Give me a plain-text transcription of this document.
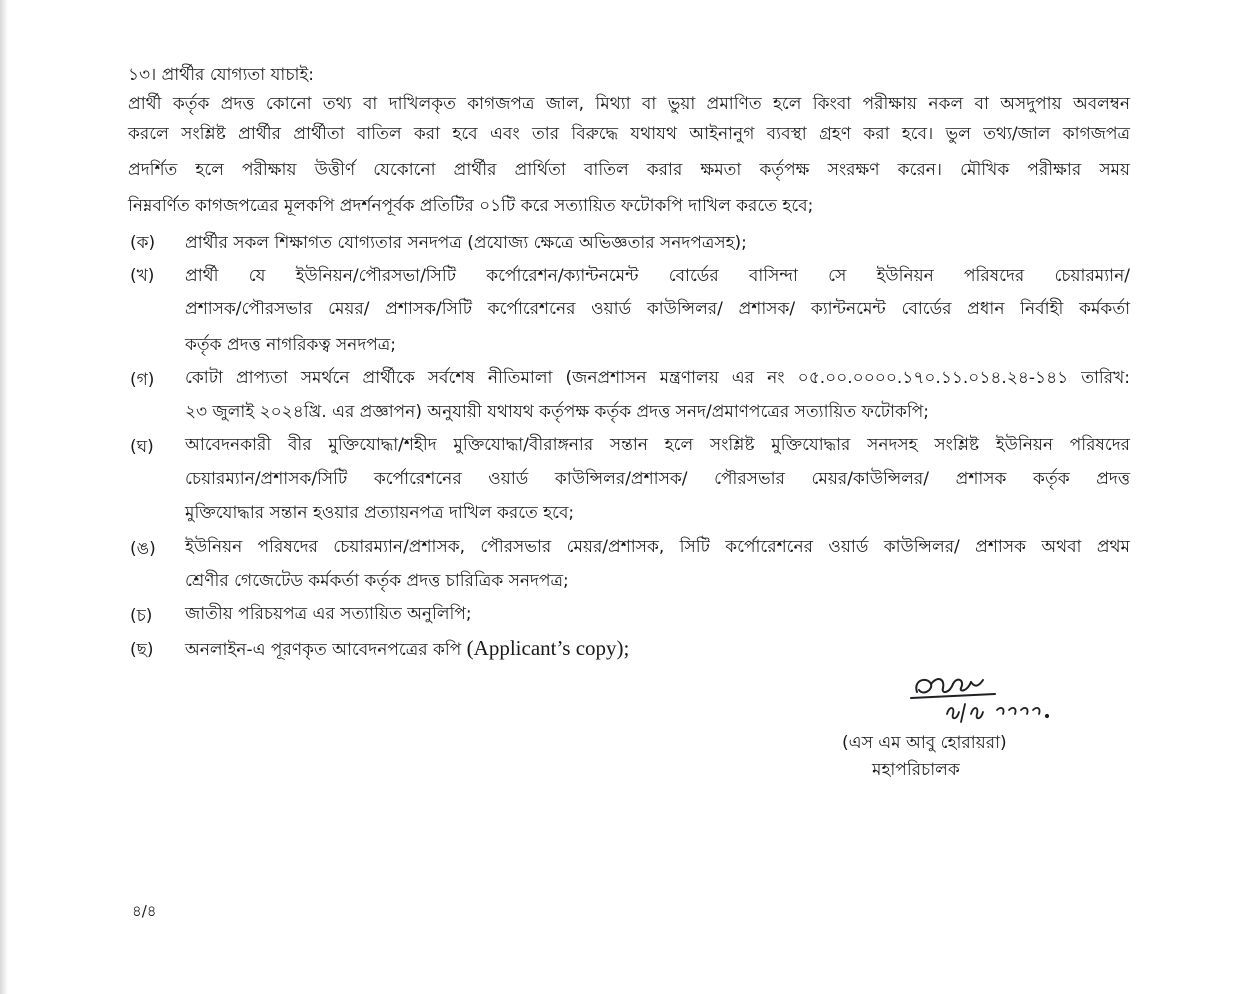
১৩। প্রার্থীর যোগ্যতা যাচাই:
প্রার্থী কর্তৃক প্রদত্ত কোনো তথ্য বা দাখিলকৃত কাগজপত্র জাল, মিথ্যা বা ভুয়া প্রমাণিত হলে কিংবা পরীক্ষায় নকল বা অসদুপায় অবলম্বন
করলে সংশ্লিষ্ট প্রার্থীর প্রার্থীতা বাতিল করা হবে এবং তার বিরুদ্ধে যথাযথ আইনানুগ ব্যবস্থা গ্রহণ করা হবে। ভুল তথ্য/জাল কাগজপত্র
প্রদর্শিত হলে পরীক্ষায় উত্তীর্ণ যেকোনো প্রার্থীর প্রার্থিতা বাতিল করার ক্ষমতা কর্তৃপক্ষ সংরক্ষণ করেন। মৌখিক পরীক্ষার সময়
নিম্নবর্ণিত কাগজপত্রের মূলকপি প্রদর্শনপূর্বক প্রতিটির ০১টি করে সত্যায়িত ফটোকপি দাখিল করতে হবে;
(ক) প্রার্থীর সকল শিক্ষাগত যোগ্যতার সনদপত্র (প্রযোজ্য ক্ষেত্রে অভিজ্ঞতার সনদপত্রসহ);
(খ) প্রার্থী যে ইউনিয়ন/পৌরসভা/সিটি কর্পোরেশন/ক্যান্টনমেন্ট বোর্ডের বাসিন্দা সে ইউনিয়ন পরিষদের চেয়ারম্যান/
প্রশাসক/পৌরসভার মেয়র/ প্রশাসক/সিটি কর্পোরেশনের ওয়ার্ড কাউন্সিলর/ প্রশাসক/ ক্যান্টনমেন্ট বোর্ডের প্রধান নির্বাহী কর্মকর্তা
কর্তৃক প্রদত্ত নাগরিকত্ব সনদপত্র;
(গ) কোটা প্রাপ্যতা সমর্থনে প্রার্থীকে সর্বশেষ নীতিমালা (জনপ্রশাসন মন্ত্রণালয় এর নং ০৫.০০.০০০০.১৭০.১১.০১৪.২৪-১৪১ তারিখ:
২৩ জুলাই ২০২৪খ্রি. এর প্রজ্ঞাপন) অনুযায়ী যথাযথ কর্তৃপক্ষ কর্তৃক প্রদত্ত সনদ/প্রমাণপত্রের সত্যায়িত ফটোকপি;
(ঘ) আবেদনকারী বীর মুক্তিযোদ্ধা/শহীদ মুক্তিযোদ্ধা/বীরাঙ্গনার সন্তান হলে সংশ্লিষ্ট মুক্তিযোদ্ধার সনদসহ সংশ্লিষ্ট ইউনিয়ন পরিষদের
চেয়ারম্যান/প্রশাসক/সিটি কর্পোরেশনের ওয়ার্ড কাউন্সিলর/প্রশাসক/ পৌরসভার মেয়র/কাউন্সিলর/ প্রশাসক কর্তৃক প্রদত্ত
মুক্তিযোদ্ধার সন্তান হওয়ার প্রত্যায়নপত্র দাখিল করতে হবে;
(ঙ) ইউনিয়ন পরিষদের চেয়ারম্যান/প্রশাসক, পৌরসভার মেয়র/প্রশাসক, সিটি কর্পোরেশনের ওয়ার্ড কাউন্সিলর/ প্রশাসক অথবা প্রথম
শ্রেণীর গেজেটেড কর্মকর্তা কর্তৃক প্রদত্ত চারিত্রিক সনদপত্র;
(চ) জাতীয় পরিচয়পত্র এর সত্যায়িত অনুলিপি;
(ছ) অনলাইন-এ পূরণকৃত আবেদনপত্রের কপি (Applicant’s copy);
(এস এম আবু হোরায়রা)
মহাপরিচালক
৪/৪
